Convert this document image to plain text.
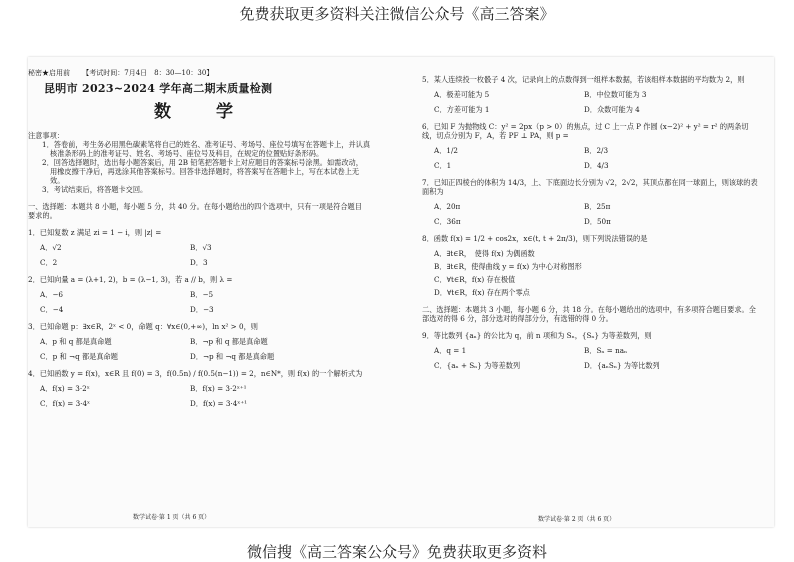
免费获取更多资料关注微信公众号《高三答案》
秘密★启用前 【考试时间：7月4日　8：30—10：30】
昆明市 2023~2024 学年高二期末质量检测
数　学
注意事项：
1．答卷前，考生务必用黑色碳素笔将自己的姓名、准考证号、考场号、座位号填写在答题卡上，并认真核准条形码上的准考证号、姓名、考场号、座位号及科目，在规定的位置贴好条形码。
2．回答选择题时，选出每小题答案后，用 2B 铅笔把答题卡上对应题目的答案标号涂黑。如需改动，用橡皮擦干净后，再选涂其他答案标号。回答非选择题时，将答案写在答题卡上，写在本试卷上无效。
3．考试结束后，将答题卡交回。
一、选择题：本题共 8 小题，每小题 5 分，共 40 分。在每小题给出的四个选项中，只有一项是符合题目要求的。
1．已知复数 z 满足 zi = 1 − i，则 |z| =
A．√2	B．√3
C．2	D．3
2．已知向量 a = (λ+1, 2)，b = (λ−1, 3)，若 a // b，则 λ =
A．−6	B．−5
C．−4	D．−3
3．已知命题 p：∃x∈R，2ˣ < 0，命题 q：∀x∈(0,+∞)，ln x² > 0，则
A．p 和 q 都是真命题	B．¬p 和 q 都是真命题
C．p 和 ¬q 都是真命题	D．¬p 和 ¬q 都是真命题
4．已知函数 y = f(x)，x∈R 且 f(0) = 3，f(0.5n) / f(0.5(n−1)) = 2，n∈N*，则 f(x) 的一个解析式为
A．f(x) = 3·2ˣ	B．f(x) = 3·2ˣ⁺¹
C．f(x) = 3·4ˣ	D．f(x) = 3·4ˣ⁺¹
5．某人连续投一枚骰子 4 次，记录向上的点数得到一组样本数据，若该组样本数据的平均数为 2，则
A．极差可能为 5	B．中位数可能为 3
C．方差可能为 1	D．众数可能为 4
6．已知 F 为抛物线 C：y² = 2px（p > 0）的焦点，过 C 上一点 P 作圆 (x−2)² + y² = r² 的两条切线，切点分别为 F，A，若 PF ⊥ PA，则 p =
A．1/2	B．2/3
C．1	D．4/3
7．已知正四棱台的体积为 14/3，上、下底面边长分别为 √2，2√2，其顶点都在同一球面上，则该球的表面积为
A．20π	B．25π
C．36π	D．50π
8．函数 f(x) = 1/2 + cos2x，x∈(t, t + 2π/3)，则下列说法错误的是
A．∃t∈R，　使得 f(x) 为偶函数
B．∃t∈R，使得曲线 y = f(x) 为中心对称图形
C．∀t∈R，f(x) 存在极值
D．∀t∈R，f(x) 存在两个零点
二、选择题：本题共 3 小题，每小题 6 分，共 18 分。在每小题给出的选项中，有多项符合题目要求。全部选对的得 6 分，部分选对的得部分分，有选错的得 0 分。
9．等比数列 {aₙ} 的公比为 q，前 n 项和为 Sₙ，{Sₙ} 为等差数列，则
A．q = 1	B．Sₙ = naₙ
C．{aₙ + Sₙ} 为等差数列	D．{aₙSₙ} 为等比数列
数学试卷·第 1 页（共 6 页）	数学试卷·第 2 页（共 6 页）
微信搜《高三答案公众号》免费获取更多资料
